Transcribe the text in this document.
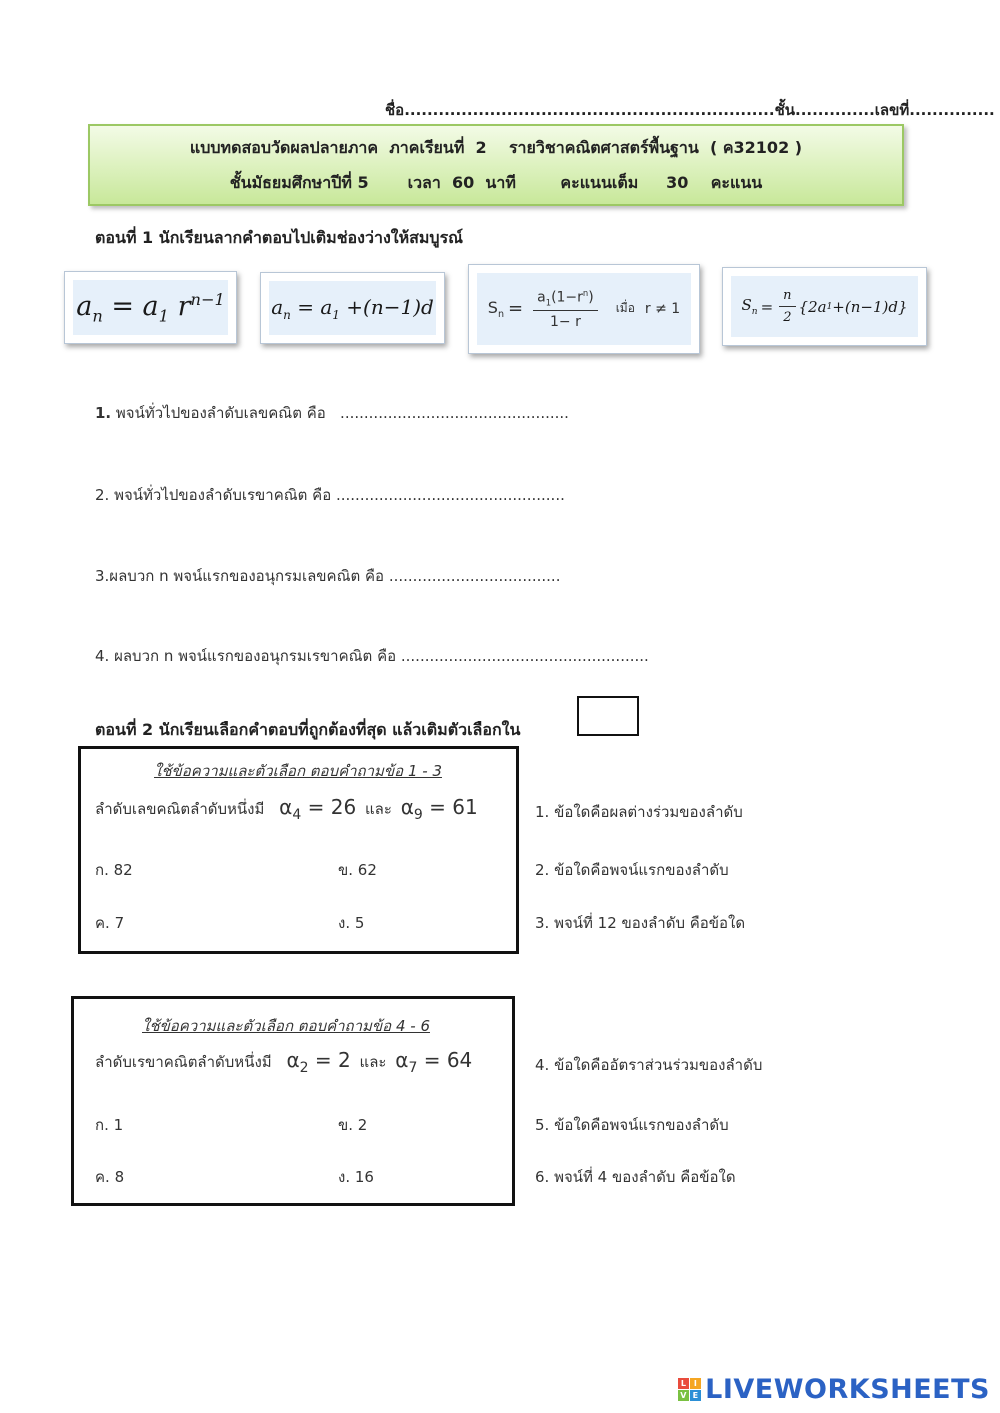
ชื่อ.................................................................ชั้น..............เลขที่...............
แบบทดสอบวัดผลปลายภาค  ภาคเรียนที่  2    รายวิชาคณิตศาสตร์พื้นฐาน  ( ค32102 )
ชั้นมัธยมศึกษาปีที่ 5       เวลา  60  นาที        คะแนนเต็ม     30    คะแนน
ตอนที่ 1 นักเรียนลากคำตอบไปเติมช่องว่างให้สมบูรณ์
$a_n = a_1$ $r^{n-1}$ $a_n = a_1 +(n-1)d$	$S_n = \frac{a_1(1-r^n)}{1- r}$ เมื่อ r ≠ 1	$S_n = \frac{n}{2} \{2a$ 1 +(n−1)d}
1. พจน์ทั่วไปของลำดับเลขคณิต คือ   ................................................
2. พจน์ทั่วไปของลำดับเรขาคณิต คือ ................................................
3.ผลบวก n พจน์แรกของอนุกรมเลขคณิต คือ ....................................
4. ผลบวก n พจน์แรกของอนุกรมเรขาคณิต คือ ....................................................
ตอนที่ 2 นักเรียนเลือกคำตอบที่ถูกต้องที่สุด แล้วเติมตัวเลือกใน
ใช้ข้อความและตัวเลือก ตอบคำถามข้อ 1 - 3
ลำดับเลขคณิตลำดับหนึ่งมี $\alpha_4 = 26$ และ $\alpha_9 = 61$
ก. 82	ข. 62
ค. 7	ง. 5
1. ข้อใดคือผลต่างร่วมของลำดับ
2. ข้อใดคือพจน์แรกของลำดับ
3. พจน์ที่ 12 ของลำดับ คือข้อใด
ใช้ข้อความและตัวเลือก ตอบคำถามข้อ 4 - 6
ลำดับเรขาคณิตลำดับหนึ่งมี $\alpha_2 = 2$ และ $\alpha_7 = 64$
ก. 1	ข. 2
ค. 8	ง. 16
4. ข้อใดคืออัตราส่วนร่วมของลำดับ
5. ข้อใดคือพจน์แรกของลำดับ
6. พจน์ที่ 4 ของลำดับ คือข้อใด
L I
V E LIVEWORKSHEETS
